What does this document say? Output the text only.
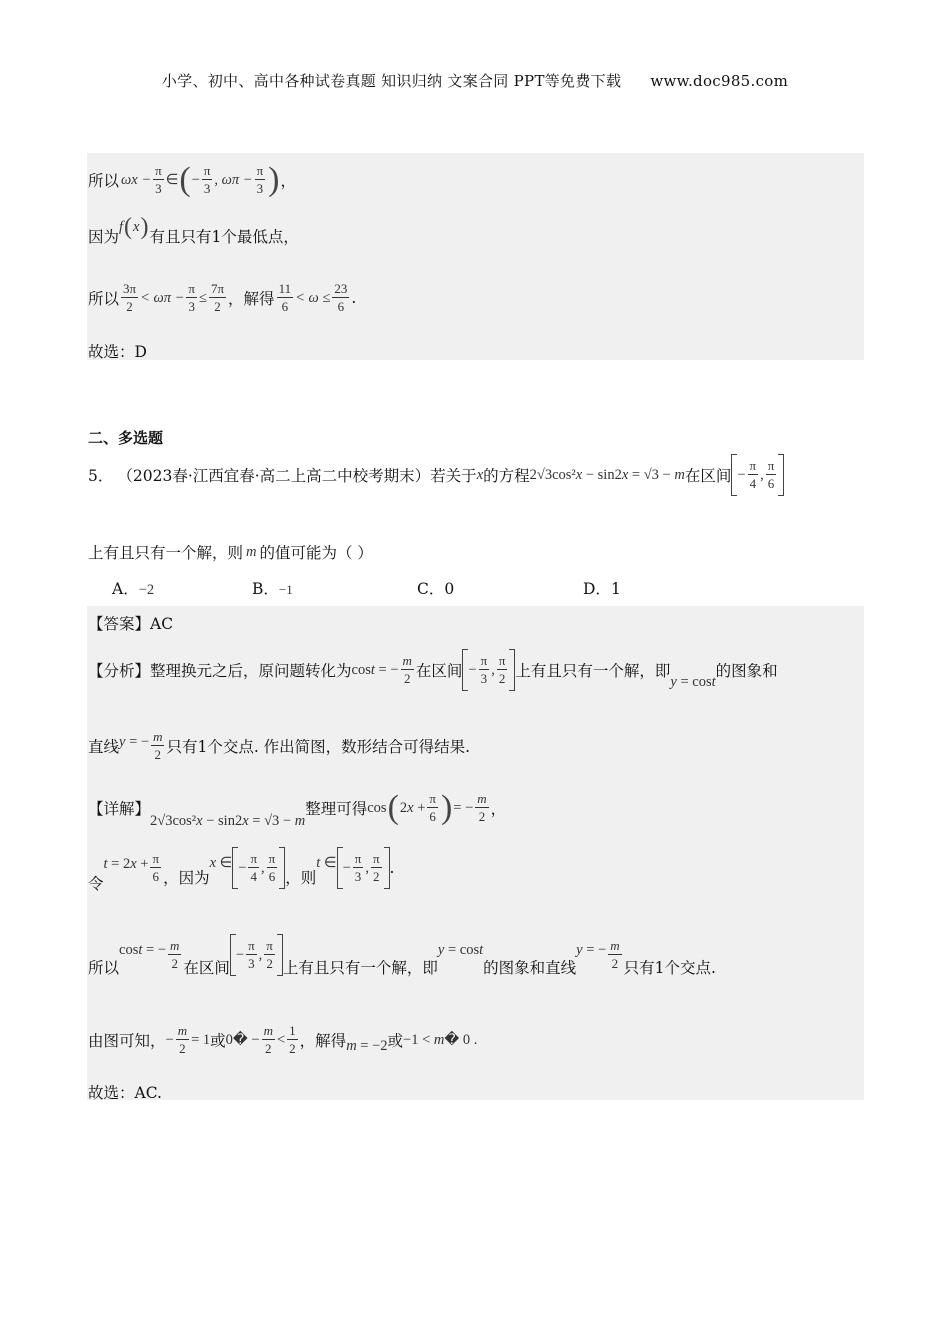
小学、初中、高中各种试卷真题 知识归纳 文案合同 PPT等免费下载 www.doc985.com
所以 $\omega x - \frac{\pi}{3}$ ∈ ( − $\frac{\pi}{3}$ , $\omega\pi - \frac{\pi}{3}$ ) ，
因为
f ( x ) 有且只有1个最低点，
所以 $\frac{3\pi}{2} < \omega\pi - \frac{\pi}{3} \le \frac{7\pi}{2}$ ，解得 $\frac{11}{6} < \omega \le \frac{23}{6}$ .
故选：D
二、多选题
5． （2023春·江西宜春·高二上高二中校考期末）若关于 x 的方程 2√3cos²x − sin2x = √3 − m 在区间 − $\frac{\pi}{4}$ , $\frac{\pi}{6}$
上有且只有一个解，则 m 的值可能为（ ）
A．−2	B．−1	C．0	D．1
【答案】AC
【分析】 整理换元之后，原问题转化为 cost = − $\frac{m}{2}$ 在区间 − $\frac{\pi}{3}$ , $\frac{\pi}{2}$ 上有且只有一个解，即
y = cost
的图象和
直线 y = − $\frac{m}{2}$ 只有1个交点. 作出简图，数形结合可得结果.
【详解】
2√3cos²x − sin2x = √3 − m
整理可得 cos ( $2x + \frac{\pi}{6}$ ) = − $\frac{m}{2}$ ，
令
$t = 2x + \frac{\pi}{6}$ ，因为
x ∈ − $\frac{\pi}{4}$ , $\frac{\pi}{6}$ ，则
t ∈ − $\frac{\pi}{3}$ , $\frac{\pi}{2}$ .
所以
cost = − $\frac{m}{2}$ 在区间
− $\frac{\pi}{3}$ , $\frac{\pi}{2}$ 上有且只有一个解，即
y = cost
的图象和直线
y = − $\frac{m}{2}$ 只有1个交点.
由图可知， − $\frac{m}{2} = 1$ 或 0� − $\frac{m}{2} < \frac{1}{2}$ ，解得 m = −2 或 −1 < m� 0 .
故选：AC.
